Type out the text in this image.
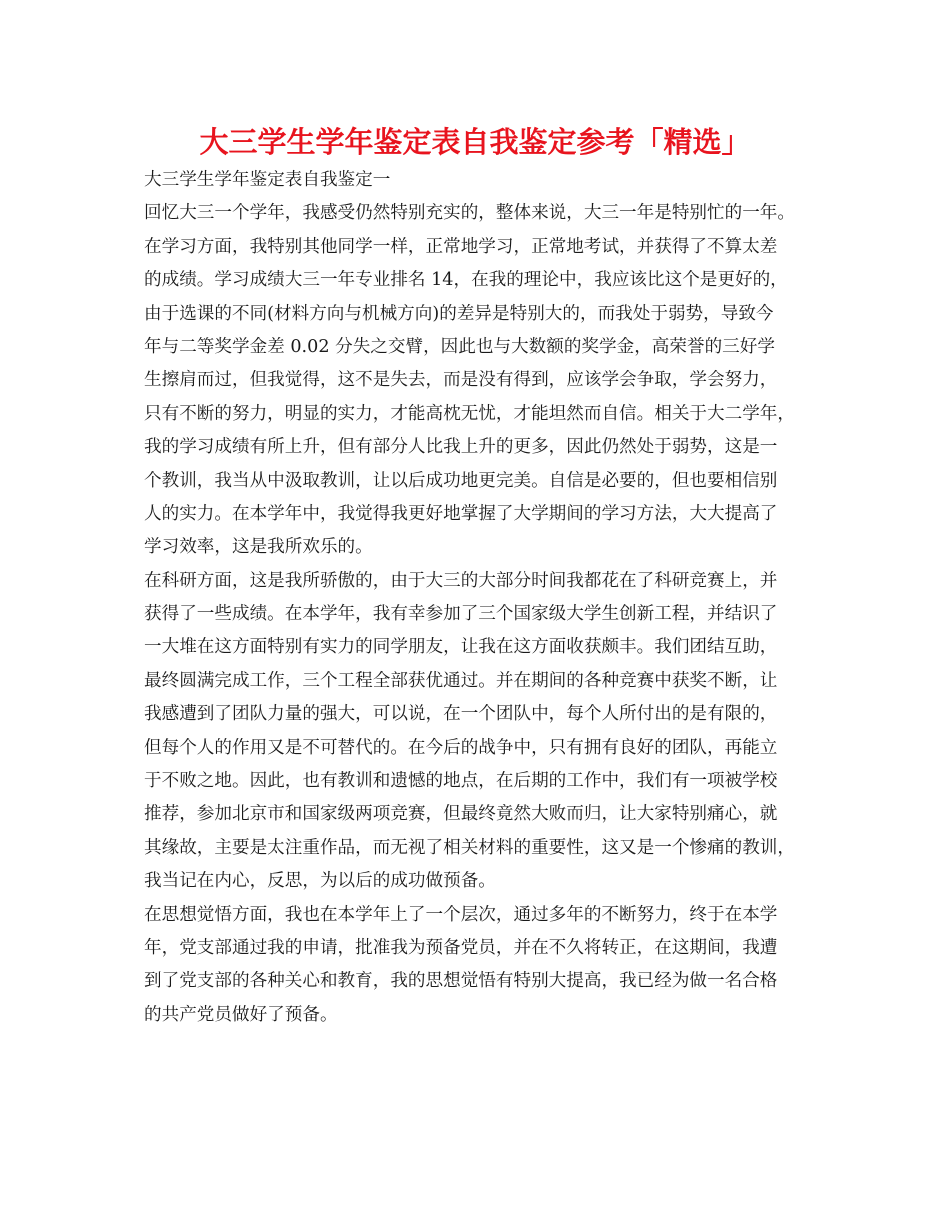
大三学生学年鉴定表自我鉴定参考「精选」

大三学生学年鉴定表自我鉴定一

回忆大三一个学年，我感受仍然特别充实的，整体来说，大三一年是特别忙的一年。
在学习方面，我特别其他同学一样，正常地学习，正常地考试，并获得了不算太差
的成绩。学习成绩大三一年专业排名 14，在我的理论中，我应该比这个是更好的，
由于选课的不同(材料方向与机械方向)的差异是特别大的，而我处于弱势，导致今
年与二等奖学金差 0.02 分失之交臂，因此也与大数额的奖学金，高荣誉的三好学
生擦肩而过，但我觉得，这不是失去，而是没有得到，应该学会争取，学会努力，
只有不断的努力，明显的实力，才能高枕无忧，才能坦然而自信。相关于大二学年，
我的学习成绩有所上升，但有部分人比我上升的更多，因此仍然处于弱势，这是一
个教训，我当从中汲取教训，让以后成功地更完美。自信是必要的，但也要相信别
人的实力。在本学年中，我觉得我更好地掌握了大学期间的学习方法，大大提高了
学习效率，这是我所欢乐的。

在科研方面，这是我所骄傲的，由于大三的大部分时间我都花在了科研竞赛上，并
获得了一些成绩。在本学年，我有幸参加了三个国家级大学生创新工程，并结识了
一大堆在这方面特别有实力的同学朋友，让我在这方面收获颇丰。我们团结互助，
最终圆满完成工作，三个工程全部获优通过。并在期间的各种竞赛中获奖不断，让
我感遭到了团队力量的强大，可以说，在一个团队中，每个人所付出的是有限的，
但每个人的作用又是不可替代的。在今后的战争中，只有拥有良好的团队，再能立
于不败之地。因此，也有教训和遗憾的地点，在后期的工作中，我们有一项被学校
推荐，参加北京市和国家级两项竞赛，但最终竟然大败而归，让大家特别痛心，就
其缘故，主要是太注重作品，而无视了相关材料的重要性，这又是一个惨痛的教训，
我当记在内心，反思，为以后的成功做预备。

在思想觉悟方面，我也在本学年上了一个层次，通过多年的不断努力，终于在本学
年，党支部通过我的申请，批准我为预备党员，并在不久将转正，在这期间，我遭
到了党支部的各种关心和教育，我的思想觉悟有特别大提高，我已经为做一名合格
的共产党员做好了预备。
